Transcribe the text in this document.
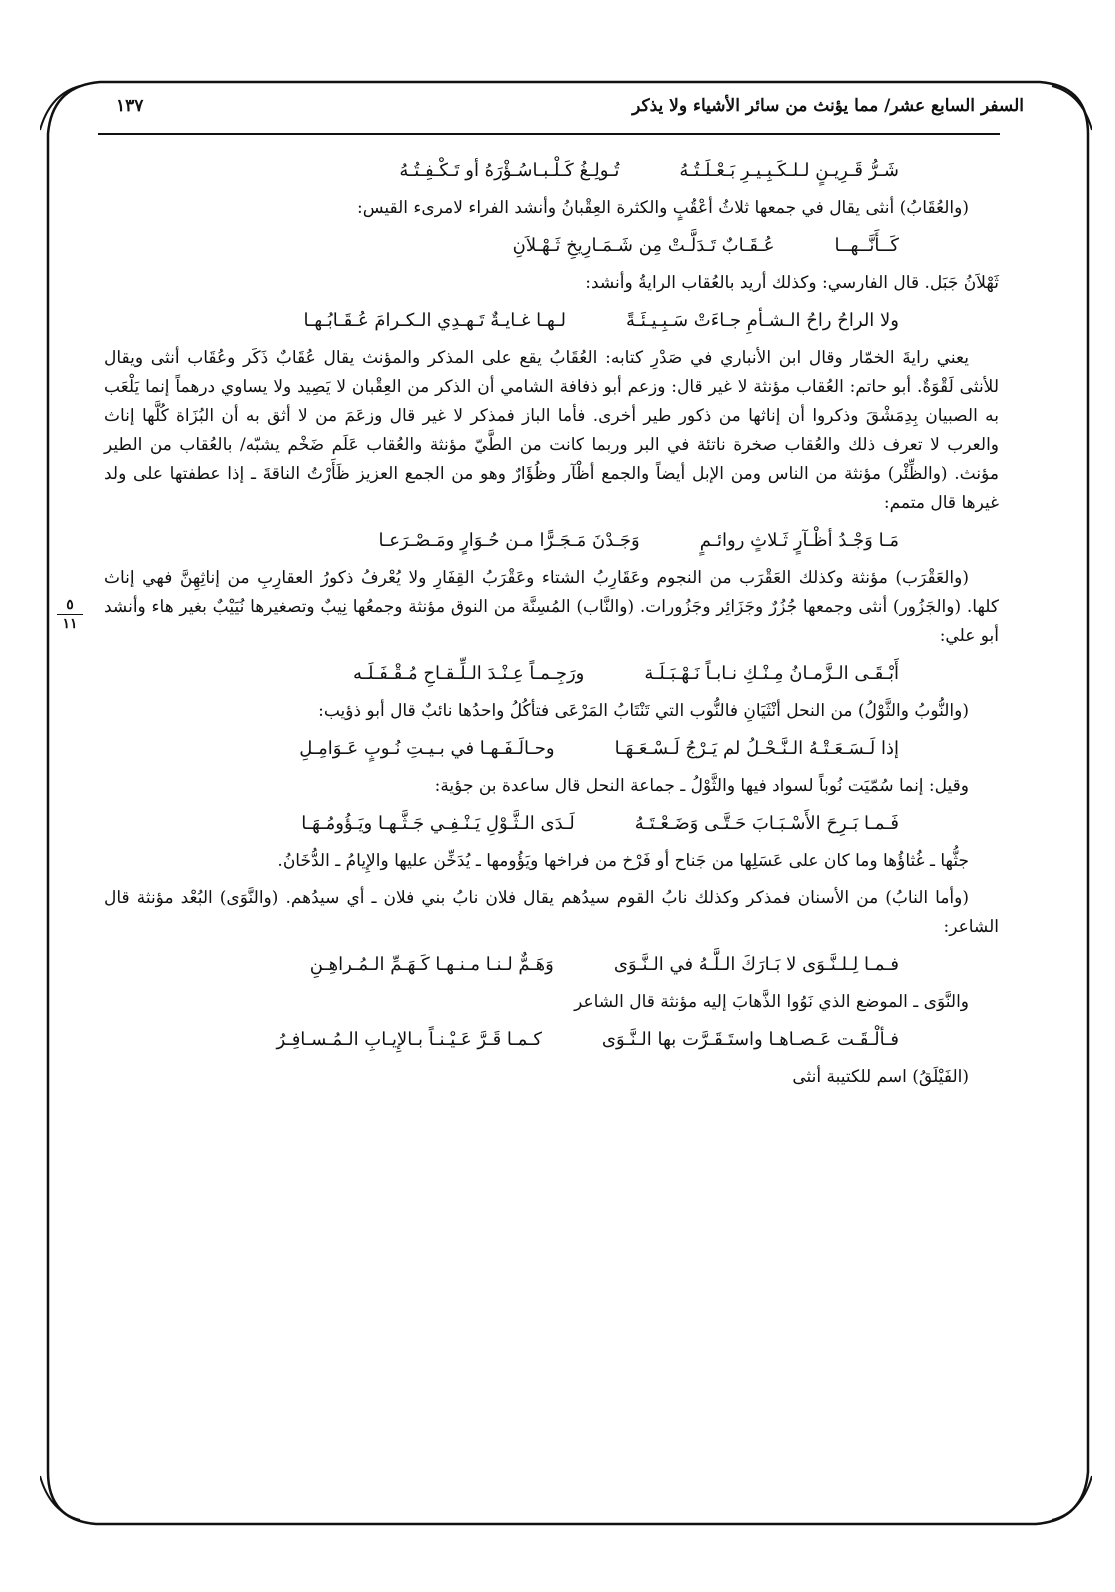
السفر السابع عشر/ مما يؤنث من سائر الأشياء ولا يذكر
١٣٧
٥
١١
شَـرُّ قَـرِيـنٍ لـلـكَـبِـيـرِ بَـعْـلَـتُـهُ
تُـولِـغُ كَـلْـبـاسُـؤْرَهُ أو تَـكْـفِـتُـهُ

(والعُقَابُ) أنثى يقال في جمعها ثلاثُ أعْقُبٍ والكثرة العِقْبانُ وأنشد الفراء لامرىء القيس:

كَــأَنَّــهــا
عُـقَـابٌ تَـدَلَّـتْ مِن شَـمَـارِيخِ ثَـهْـلاَنِ

ثَهْلاَنُ جَبَل. قال الفارسي: وكذلك أريد بالعُقاب الرايةُ وأنشد:

ولا الراحُ راحُ الـشـأمِ جـاءَتْ سَـبِـيـئَـةً
لـهـا غـايـةٌ تَـهـدِي الـكـرامَ عُـقَـابُـهـا

يعني رايةَ الخمّار وقال ابن الأنباري في صَدْرِ كتابه: العُقَابُ يقع على المذكر والمؤنث يقال عُقَابٌ ذَكَر وعُقَاب أنثى ويقال للأنثى لَقْوَةٌ. أبو حاتم: العُقاب مؤنثة لا غير قال: وزعم أبو ذفافة الشامي أن الذكر من العِقْبان لا يَصِيد ولا يساوي درهماً إنما يَلْعَب به الصبيان بِدِمَشْقَ وذكروا أن إناثها من ذكور طير أخرى. فأما الباز فمذكر لا غير قال وزعَمَ من لا أثق به أن البُزَاة كُلَّها إناث والعرب لا تعرف ذلك والعُقاب صخرة ناتئة في البر وربما كانت من الطَّيّ مؤنثة والعُقاب عَلَم ضَخْم يشبّه/ بالعُقاب من الطير مؤنث. (والظِّئْر) مؤنثة من الناس ومن الإبل أيضاً والجمع أظْآر وظُؤَارٌ وهو من الجمع العزيز ظَأَرْتُ الناقةَ ـ إذا عطفتها على ولد غيرها قال متمم:

مَـا وَجْـدُ أظْـآرٍ ثَـلاثٍ روائـمٍ
وَجَـدْنَ مَـجَـرًّا مـن حُـوَارٍ ومَـصْـرَعـا

(والعَقْرَب) مؤنثة وكذلك العَقْرَب من النجوم وعَقَارِبُ الشتاء وعَقْرَبُ القِفَارِ ولا يُعْرفُ ذكورُ العقارِبِ من إناثِهِنَّ فهي إناث كلها. (والجَزُور) أنثى وجمعها جُزُرٌ وجَزَائِر وجَزُورات. (والنَّاب) المُسِنَّة من النوق مؤنثة وجمعُها نِيبٌ وتصغيرها نُيَيْبٌ بغير هاء وأنشد أبو علي:

أَبْـقَـى الـزَّمـانُ مِـنْـكِ نـابـاً نَـهْـبَـلَـة
ورَجِـمـاً عِـنْـدَ الـلِّـقـاحِ مُـقْـفَـلَـه

(والنُّوبُ والثَّوْلُ) من النحل أنْثَيَانِ فالنُّوب التي تَنْتَابُ المَرْعَى فتأكُلُ واحدُها نائبٌ قال أبو ذؤيب:

إذا لَـسَـعَـتْـهُ الـنَّـحْـلُ لم يَـرْجُ لَـسْـعَـهَـا
وحـالَـفَـهـا في بـيـتِ نُـوبٍ عَـوَامِـلِ

وقيل: إنما سُمّيَت نُوباً لسواد فيها والثَّوْلُ ـ جماعة النحل قال ساعدة بن جؤية:

فَـمـا بَـرِحَ الأَسْـبَـابَ حَـتَّـى وَضَـعْـتَـهُ
لَـدَى الـثَّـوْلِ يَـنْـفِـي جَـثَّـهـا ويَـؤُومُـهَـا

جثُّها ـ غُثاؤُها وما كان على عَسَلِها من جَناح أو فَرْخ من فراخها ويَؤُومها ـ يُدَخِّن عليها والإِيامُ ـ الدُّخَانُ.

(وأما النابُ) من الأسنان فمذكر وكذلك نابُ القوم سيدُهم يقال فلان نابُ بني فلان ـ أي سيدُهم. (والنَّوَى) البُعْد مؤنثة قال الشاعر:

فـمـا لِـلـنَّـوَى لا بَـارَكَ الـلَّـهُ في الـنَّـوَى
وَهَـمٌّ لـنـا مـنـهـا كَـهَـمِّ الـمُـراهِـنِ

والنَّوَى ـ الموضع الذي نَوُوا الذَّهابَ إليه مؤنثة قال الشاعر

فـألْـقَـت عَـصـاهـا واستَـقَـرَّت بها الـنَّـوَى
كـمـا قَـرَّ عَـيْـنـاً بـالإِيـابِ الـمُـسـافِـرُ

(الفَيْلَقُ) اسم للكتيبة أنثى
